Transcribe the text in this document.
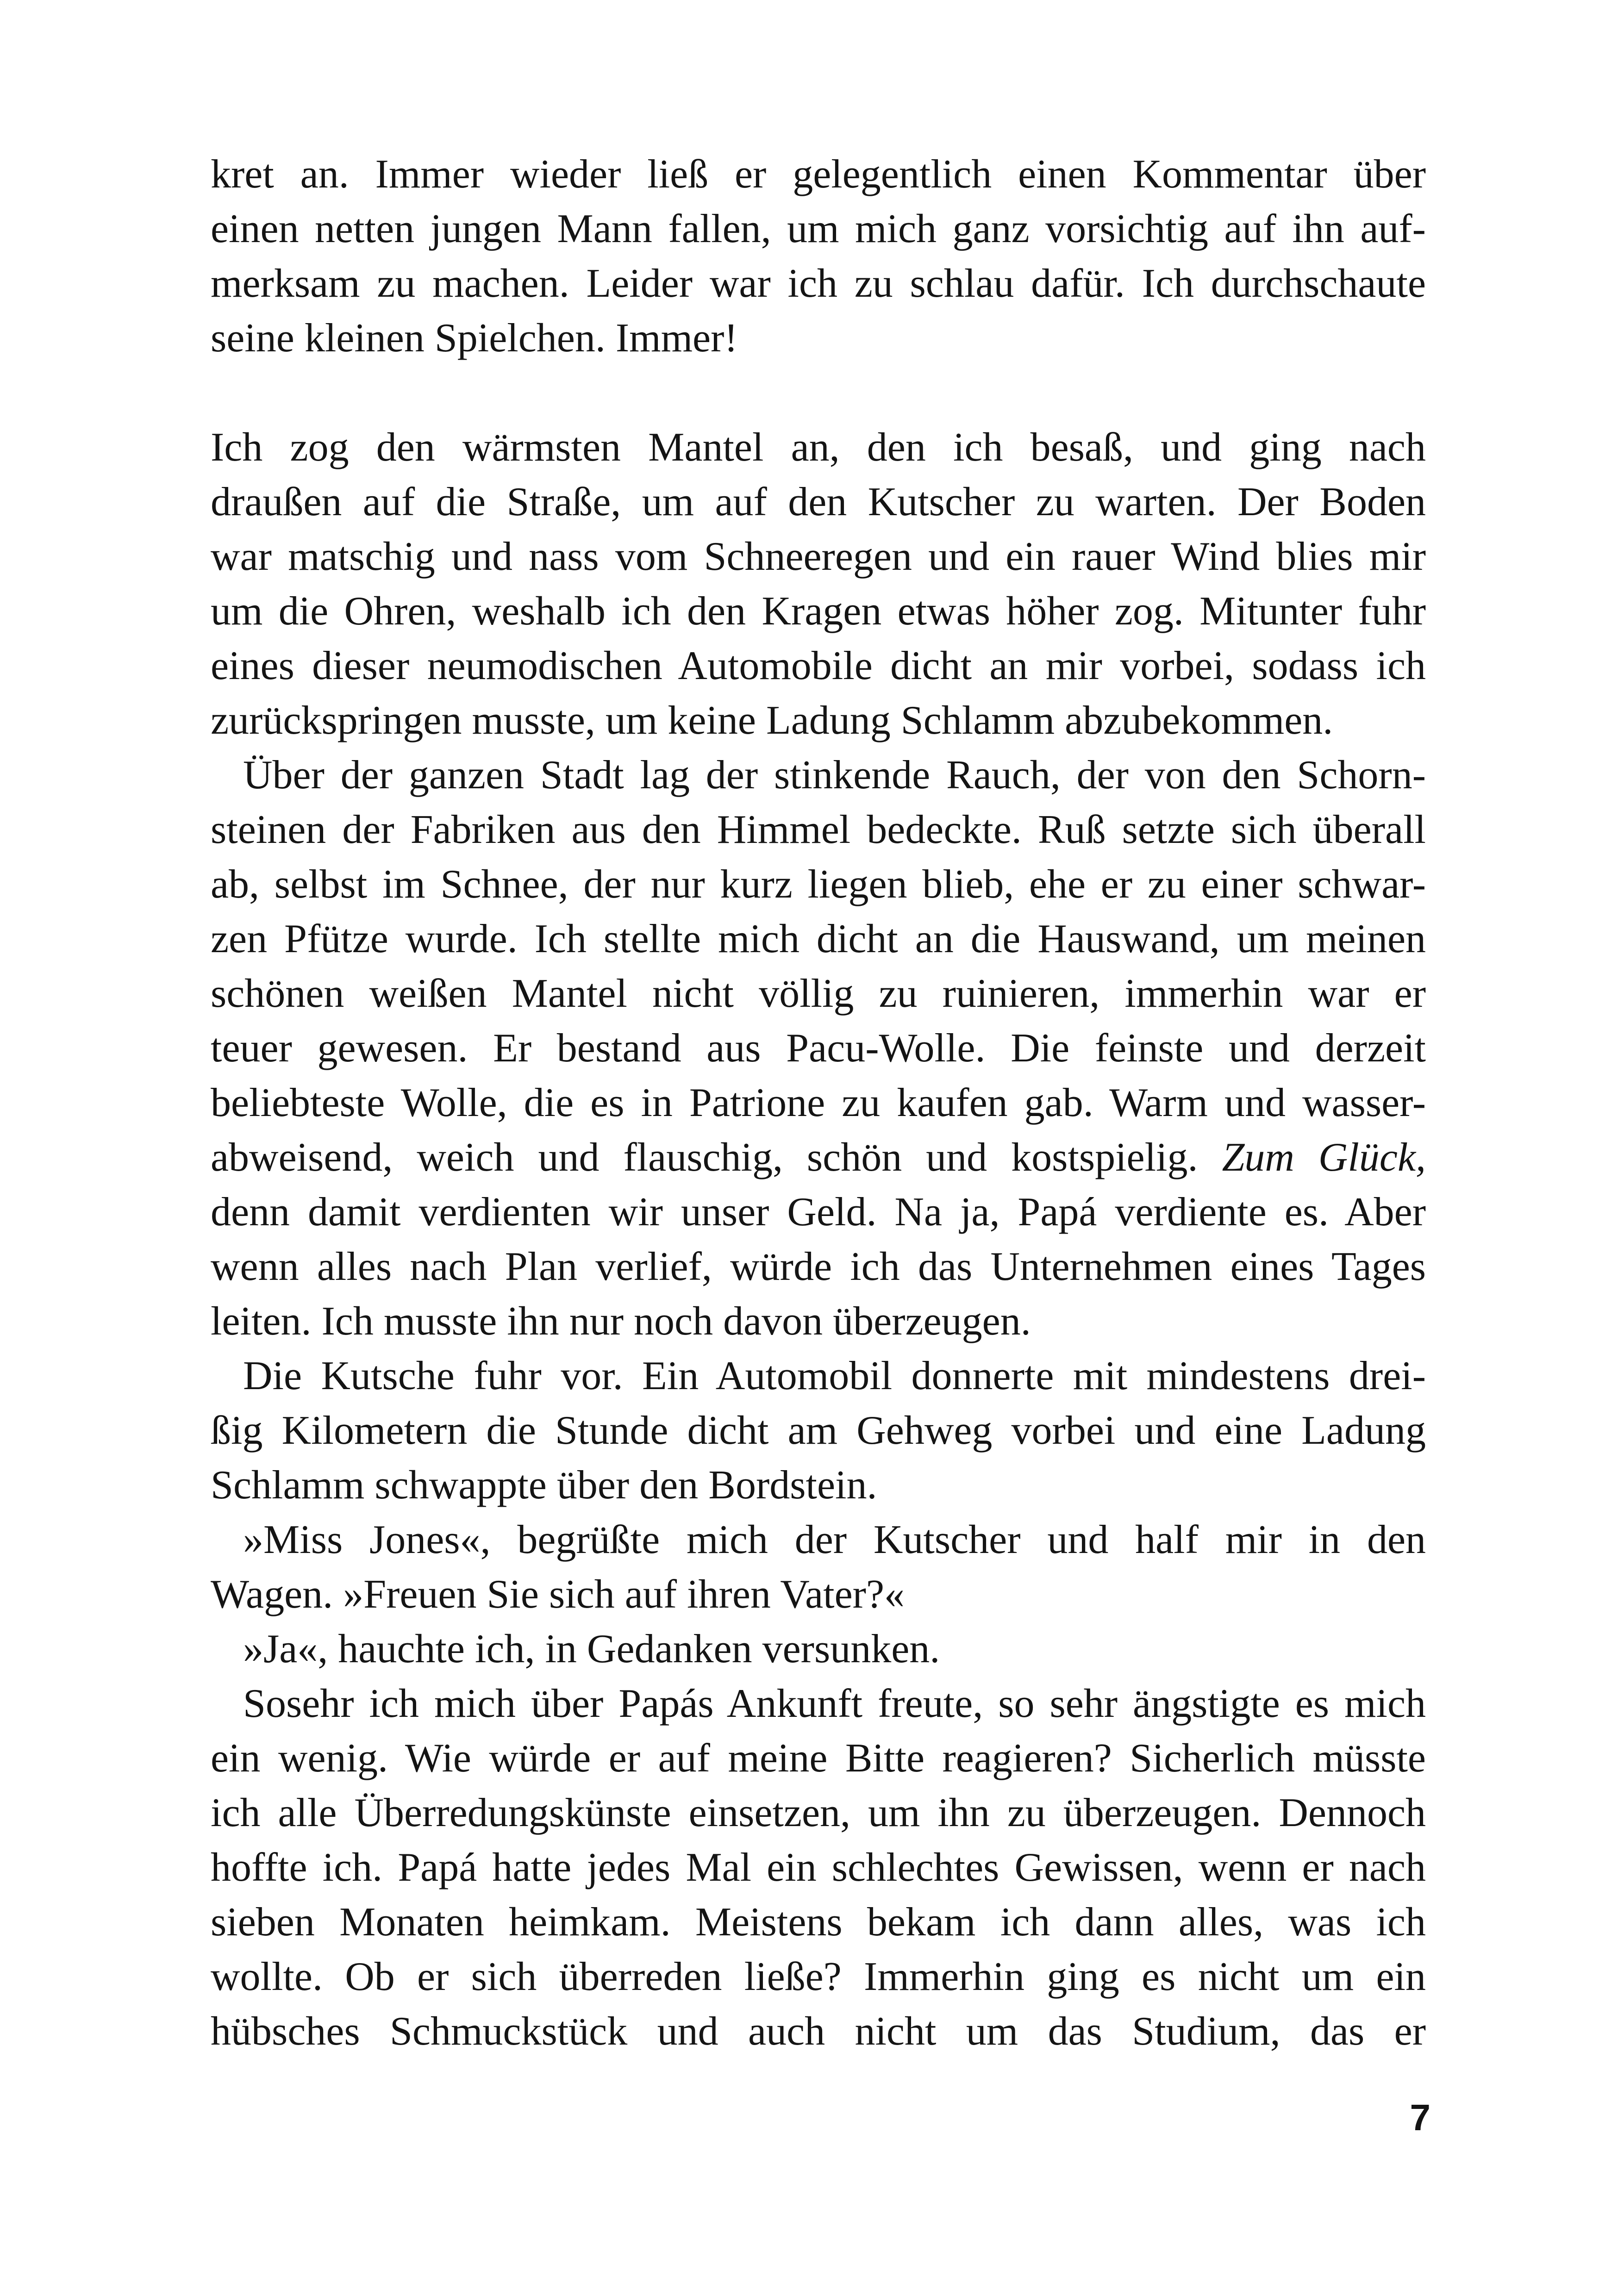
kret an. Immer wieder ließ er gelegentlich einen Kommentar über
einen netten jungen Mann fallen, um mich ganz vorsichtig auf ihn auf-
merksam zu machen. Leider war ich zu schlau dafür. Ich durchschaute
seine kleinen Spielchen. Immer!
Ich zog den wärmsten Mantel an, den ich besaß, und ging nach
draußen auf die Straße, um auf den Kutscher zu warten. Der Boden
war matschig und nass vom Schneeregen und ein rauer Wind blies mir
um die Ohren, weshalb ich den Kragen etwas höher zog. Mitunter fuhr
eines dieser neumodischen Automobile dicht an mir vorbei, sodass ich
zurückspringen musste, um keine Ladung Schlamm abzubekommen.
Über der ganzen Stadt lag der stinkende Rauch, der von den Schorn-
steinen der Fabriken aus den Himmel bedeckte. Ruß setzte sich überall
ab, selbst im Schnee, der nur kurz liegen blieb, ehe er zu einer schwar-
zen Pfütze wurde. Ich stellte mich dicht an die Hauswand, um meinen
schönen weißen Mantel nicht völlig zu ruinieren, immerhin war er
teuer gewesen. Er bestand aus Pacu-Wolle. Die feinste und derzeit
beliebteste Wolle, die es in Patrione zu kaufen gab. Warm und wasser-
abweisend, weich und flauschig, schön und kostspielig. Zum Glück,
denn damit verdienten wir unser Geld. Na ja, Papá verdiente es. Aber
wenn alles nach Plan verlief, würde ich das Unternehmen eines Tages
leiten. Ich musste ihn nur noch davon überzeugen.
Die Kutsche fuhr vor. Ein Automobil donnerte mit mindestens drei-
ßig Kilometern die Stunde dicht am Gehweg vorbei und eine Ladung
Schlamm schwappte über den Bordstein.
»Miss Jones«, begrüßte mich der Kutscher und half mir in den
Wagen. »Freuen Sie sich auf ihren Vater?«
»Ja«, hauchte ich, in Gedanken versunken.
Sosehr ich mich über Papás Ankunft freute, so sehr ängstigte es mich
ein wenig. Wie würde er auf meine Bitte reagieren? Sicherlich müsste
ich alle Überredungskünste einsetzen, um ihn zu überzeugen. Dennoch
hoffte ich. Papá hatte jedes Mal ein schlechtes Gewissen, wenn er nach
sieben Monaten heimkam. Meistens bekam ich dann alles, was ich
wollte. Ob er sich überreden ließe? Immerhin ging es nicht um ein
hübsches Schmuckstück und auch nicht um das Studium, das er
7
